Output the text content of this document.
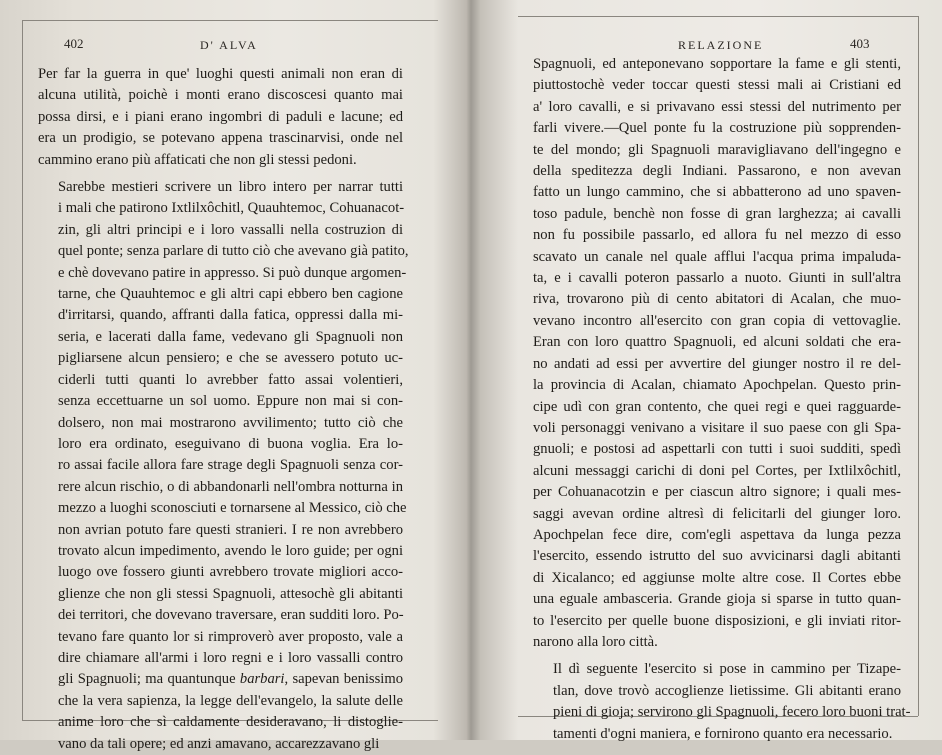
402	D' ALVA

Per far la guerra in que' luoghi questi animali non eran di
alcuna utilità, poichè i monti erano discoscesi quanto mai
possa dirsi, e i piani erano ingombri di paduli e lacune; ed
era un prodigio, se potevano appena trascinarvisi, onde nel
cammino erano più affaticati che non gli stessi pedoni.

Sarebbe mestieri scrivere un libro intero per narrar tutti
i mali che patirono Ixtlilxôchitl, Quauhtemoc, Cohuanacot-
zin, gli altri principi e i loro vassalli nella costruzion di
quel ponte; senza parlare di tutto ciò che avevano già patito,
e chè dovevano patire in appresso. Si può dunque argomen-
tarne, che Quauhtemoc e gli altri capi ebbero ben cagione
d'irritarsi, quando, affranti dalla fatica, oppressi dalla mi-
seria, e lacerati dalla fame, vedevano gli Spagnuoli non
pigliarsene alcun pensiero; e che se avessero potuto uc-
ciderli tutti quanti lo avrebber fatto assai volentieri,
senza eccettuarne un sol uomo. Eppure non mai si con-
dolsero, non mai mostrarono avvilimento; tutto ciò che
loro era ordinato, eseguivano di buona voglia. Era lo-
ro assai facile allora fare strage degli Spagnuoli senza cor-
rere alcun rischio, o di abbandonarli nell'ombra notturna in
mezzo a luoghi sconosciuti e tornarsene al Messico, ciò che
non avrian potuto fare questi stranieri. I re non avrebbero
trovato alcun impedimento, avendo le loro guide; per ogni
luogo ove fossero giunti avrebbero trovate migliori acco-
glienze che non gli stessi Spagnuoli, attesochè gli abitanti
dei territori, che dovevano traversare, eran sudditi loro. Po-
tevano fare quanto lor si rimproverò aver proposto, vale a
dire chiamare all'armi i loro regni e i loro vassalli contro
gli Spagnuoli; ma quantunque barbari, sapevan benissimo
che la vera sapienza, la legge dell'evangelo, la salute delle
anime loro che sì caldamente desideravano, li distoglie-
vano da tali opere; ed anzi amavano, accarezzavano gli

RELAZIONE	403

Spagnuoli, ed anteponevano sopportare la fame e gli stenti,
piuttostochè veder toccar questi stessi mali ai Cristiani ed
a' loro cavalli, e si privavano essi stessi del nutrimento per
farli vivere.—Quel ponte fu la costruzione più sopprenden-
te del mondo; gli Spagnuoli maravigliavano dell'ingegno e
della speditezza degli Indiani. Passarono, e non avevan
fatto un lungo cammino, che si abbatterono ad uno spaven-
toso padule, benchè non fosse di gran larghezza; ai cavalli
non fu possibile passarlo, ed allora fu nel mezzo di esso
scavato un canale nel quale afflui l'acqua prima impaluda-
ta, e i cavalli poteron passarlo a nuoto. Giunti in sull'altra
riva, trovarono più di cento abitatori di Acalan, che muo-
vevano incontro all'esercito con gran copia di vettovaglie.
Eran con loro quattro Spagnuoli, ed alcuni soldati che era-
no andati ad essi per avvertire del giunger nostro il re del-
la provincia di Acalan, chiamato Apochpelan. Questo prin-
cipe udì con gran contento, che quei regi e quei ragguarde-
voli personaggi venivano a visitare il suo paese con gli Spa-
gnuoli; e postosi ad aspettarli con tutti i suoi sudditi, spedì
alcuni messaggi carichi di doni pel Cortes, per Ixtlilxôchitl,
per Cohuanacotzin e per ciascun altro signore; i quali mes-
saggi avevan ordine altresì di felicitarli del giunger loro.
Apochpelan fece dire, com'egli aspettava da lunga pezza
l'esercito, essendo istrutto del suo avvicinarsi dagli abitanti
di Xicalanco; ed aggiunse molte altre cose. Il Cortes ebbe
una eguale ambasceria. Grande gioja si sparse in tutto quan-
to l'esercito per quelle buone disposizioni, e gli inviati ritor-
narono alla loro città.

Il dì seguente l'esercito si pose in cammino per Tizape-
tlan, dove trovò accoglienze lietissime. Gli abitanti erano
pieni di gioja; servirono gli Spagnuoli, fecero loro buoni trat-
tamenti d'ogni maniera, e fornirono quanto era necessario.
